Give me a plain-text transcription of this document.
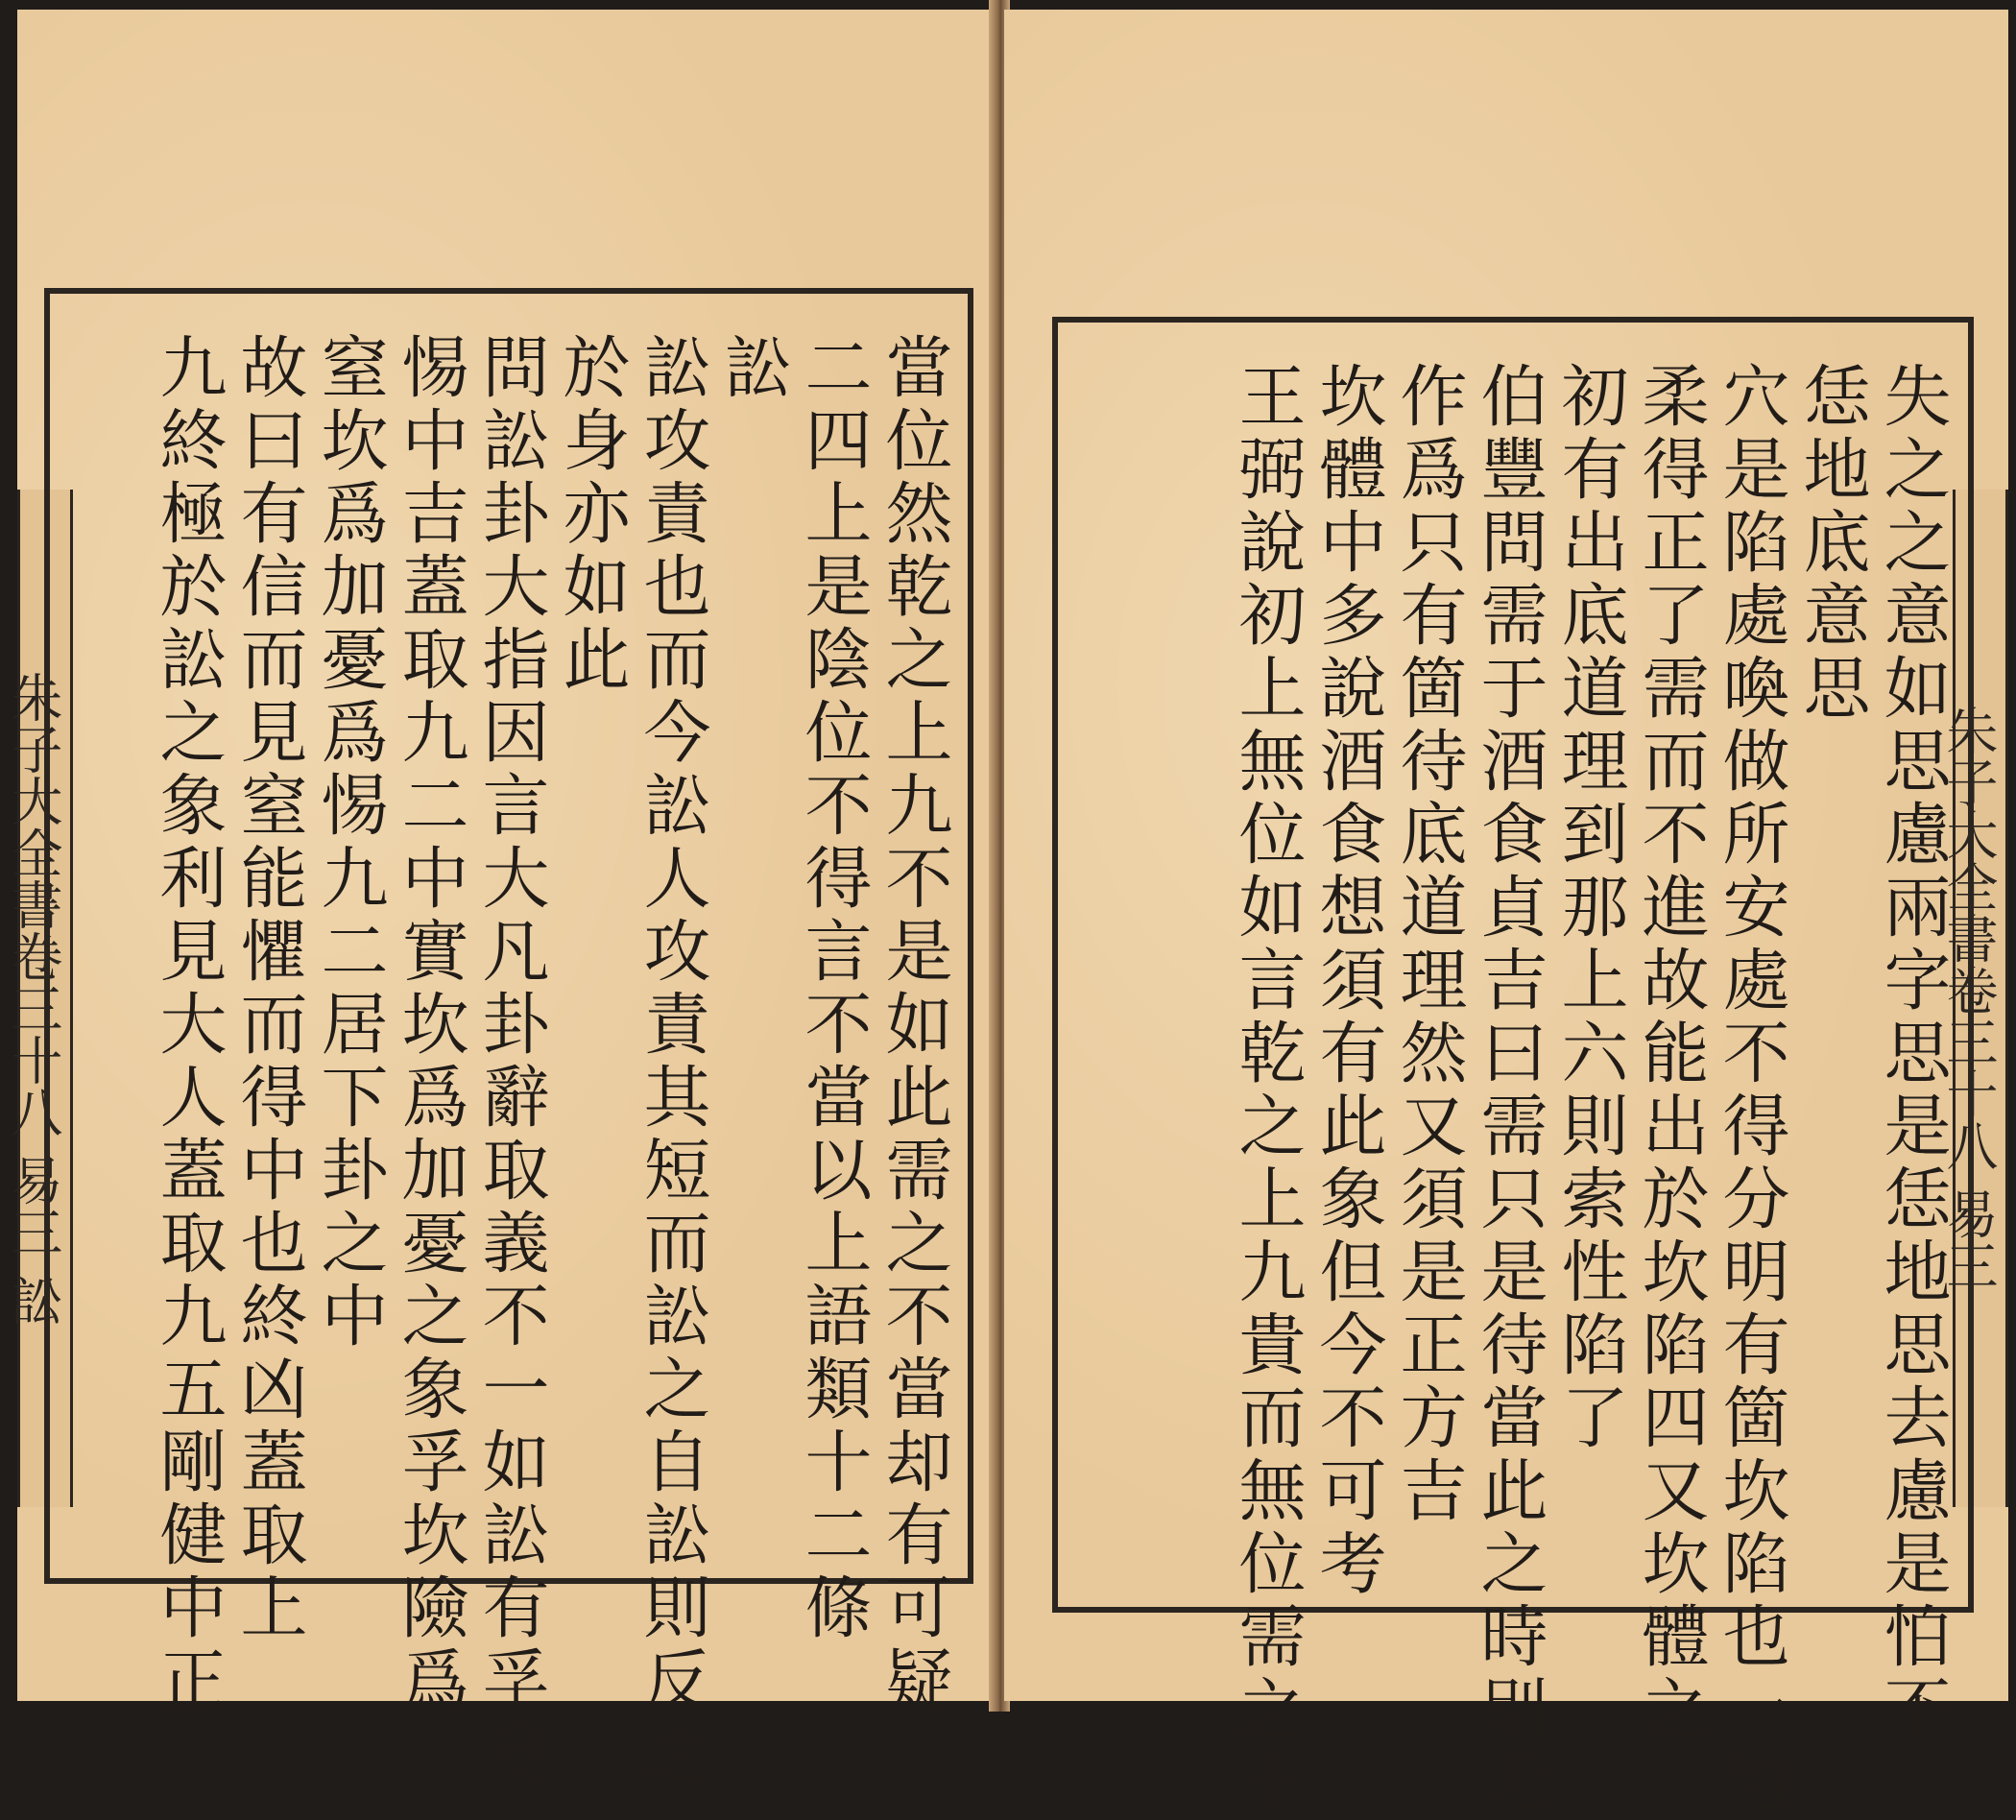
朱子大全書卷三十八 易三 訟	當位然乾之上九不是如此需之不當却有可疑
二四上是陰位不得言不當以上語類十二條
訟
訟攻責也而今訟人攻責其短而訟之自訟則反之
於身亦如此
問訟卦大指因言大凡卦辭取義不一如訟有孚窒
惕中吉蓋取九二中實坎爲加憂之象孚坎險爲
窒坎爲加憂爲惕九二居下卦之中
故曰有信而見窒能懼而得中也終凶蓋取上
九終極於訟之象利見大人蓋取九五剛健中正	朱子大全書卷三十八 易三
失之之意如思慮兩字思是恁地思去慮是怕不
恁地底意思
穴是陷處喚做所安處不得分明有箇坎陷也一句
柔得正了需而不進故能出於坎陷四又坎體之
初有出底道理到那上六則索性陷了
伯豐問需于酒食貞吉曰需只是待當此之時別无
作爲只有箇待底道理然又須是正方吉
坎體中多說酒食想須有此象但今不可考
王弼說初上無位如言乾之上九貴而無位需之不
